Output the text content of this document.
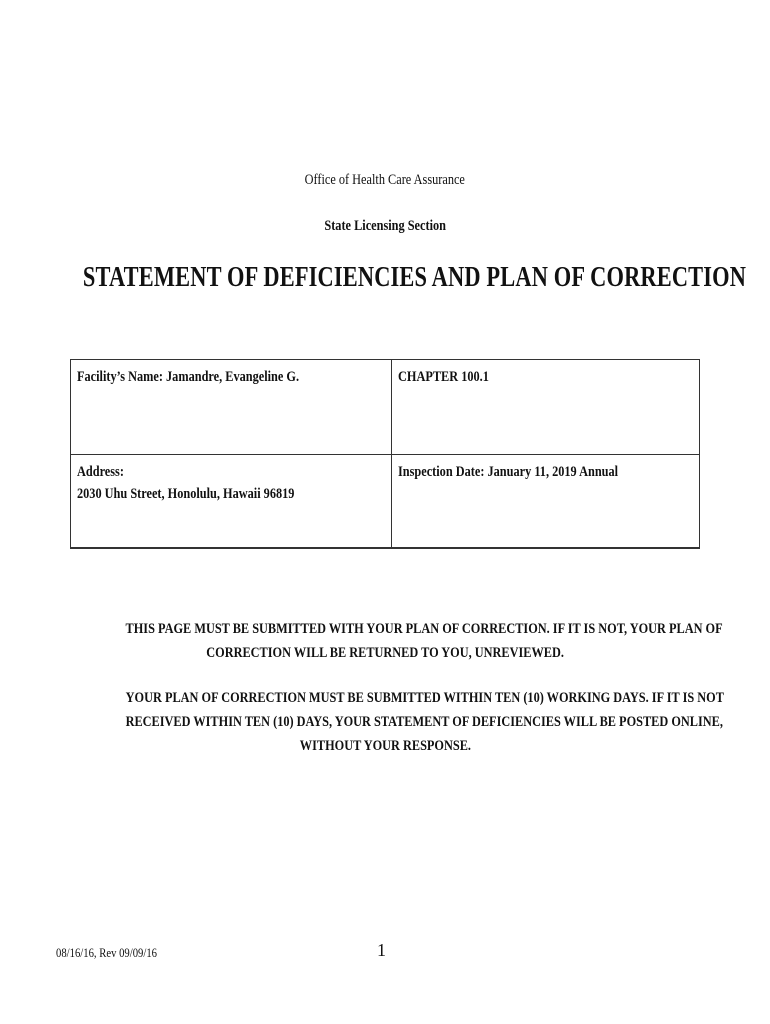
Office of Health Care Assurance
State Licensing Section
STATEMENT OF DEFICIENCIES AND PLAN OF CORRECTION
Facility’s Name: Jamandre, Evangeline G.	CHAPTER 100.1
Address:
2030 Uhu Street, Honolulu, Hawaii 96819	Inspection Date: January 11, 2019 Annual
THIS PAGE MUST BE SUBMITTED WITH YOUR PLAN OF CORRECTION. IF IT IS NOT, YOUR PLAN OF
CORRECTION WILL BE RETURNED TO YOU, UNREVIEWED.
YOUR PLAN OF CORRECTION MUST BE SUBMITTED WITHIN TEN (10) WORKING DAYS. IF IT IS NOT
RECEIVED WITHIN TEN (10) DAYS, YOUR STATEMENT OF DEFICIENCIES WILL BE POSTED ONLINE,
WITHOUT YOUR RESPONSE.
08/16/16, Rev 09/09/16	1
